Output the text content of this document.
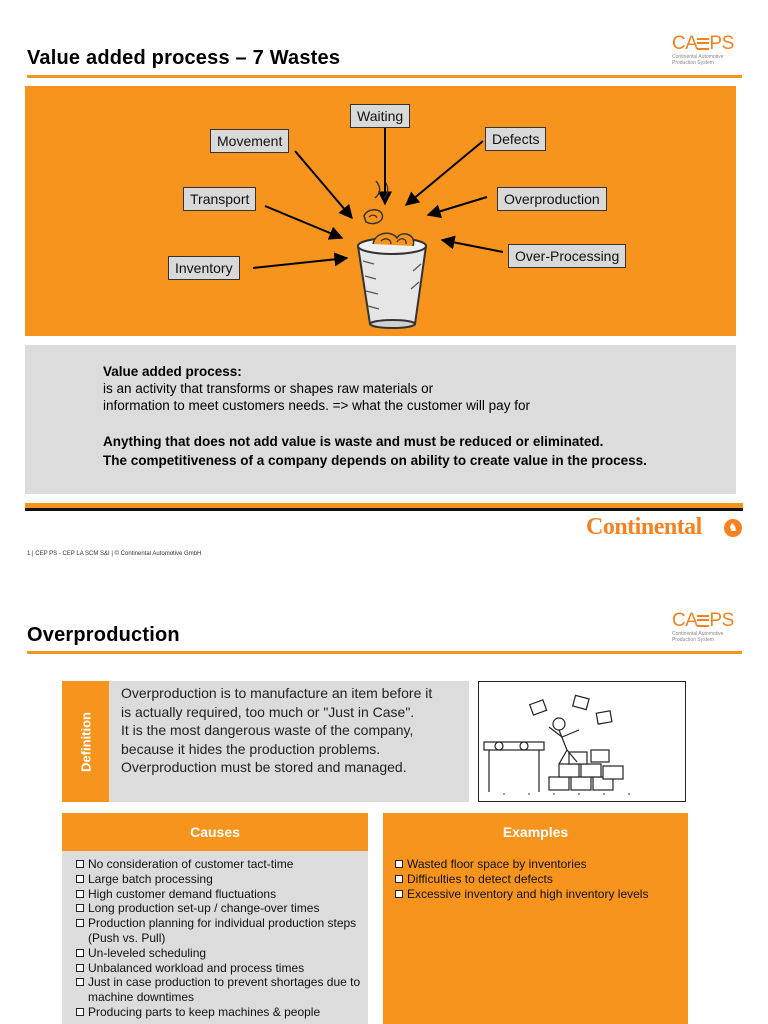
Value added process – 7 Wastes
CA PS
Continental Automotive
Production System
Waiting
Movement	Defects
Transport	Overproduction
Inventory
Over-Processing
Value added process:
is an activity that transforms or shapes raw materials or
information to meet customers needs. => what the customer will pay for
Anything that does not add value is waste and must be reduced or eliminated.
The competitiveness of a company depends on ability to create value in the process.
Continental	♞
1 | CEP PS - CEP LA SCM S&I | © Continental Automotive GmbH
Overproduction
CA PS
Continental Automotive
Production System
Definition
Overproduction is to manufacture an item before it
is actually required, too much or "Just in Case".
It is the most dangerous waste of the company,
because it hides the production problems.
Overproduction must be stored and managed.
Causes
No consideration of customer tact-time
Large batch processing
High customer demand fluctuations
Long production set-up / change-over times
Production planning for individual production steps (Push vs. Pull)
Un-leveled scheduling
Unbalanced workload and process times
Just in case production to prevent shortages due to machine downtimes
Producing parts to keep machines & people
Examples
Wasted floor space by inventories
Difficulties to detect defects
Excessive inventory and high inventory levels
